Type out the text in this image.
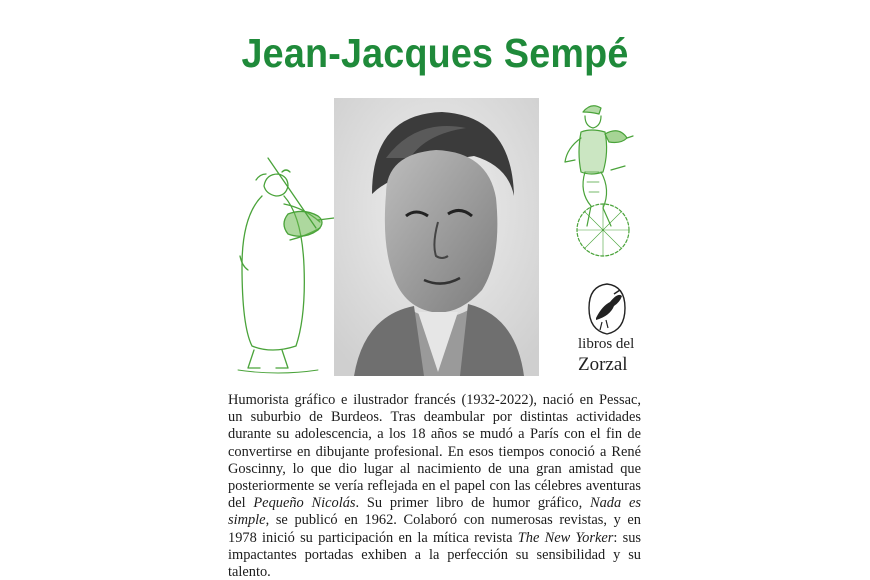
Jean-Jacques Sempé
libros del
Zorzal
Humorista gráfico e ilustrador francés (1932-2022), nació en Pessac, un suburbio de Burdeos. Tras deambular por distintas actividades durante su adolescencia, a los 18 años se mudó a París con el fin de convertirse en dibujante profesional. En esos tiempos conoció a René Goscinny, lo que dio lugar al nacimiento de una gran amistad que posteriormente se vería reflejada en el papel con las célebres aventuras del Pequeño Nicolás. Su primer libro de humor gráfico, Nada es simple, se publicó en 1962. Colaboró con numerosas revistas, y en 1978 inició su participación en la mítica revista The New Yorker: sus impactantes portadas exhiben a la perfección su sensibilidad y su talento.
